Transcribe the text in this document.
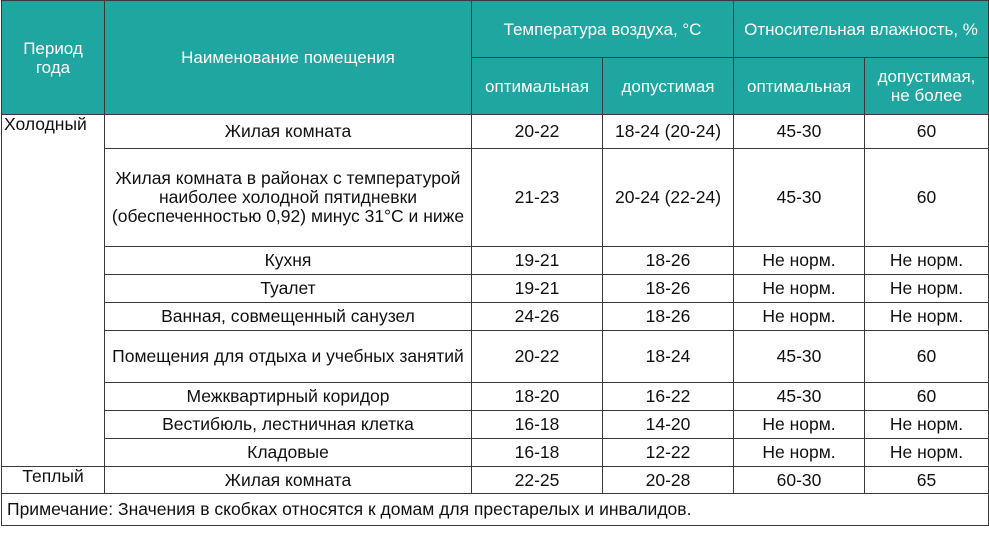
Период года	Наименование помещения	Температура воздуха, °С		Относительная влажность, %	
		оптимальная	допустимая	оптимальная	допустимая, не более
Холодный	Жилая комната	20-22	18-24 (20-24)	45-30	60
	Жилая комната в районах с температурой наиболее холодной пятидневки (обеспеченностью 0,92) минус 31°С и ниже	21-23	20-24 (22-24)	45-30	60
	Кухня	19-21	18-26	Не норм.	Не норм.
	Туалет	19-21	18-26	Не норм.	Не норм.
	Ванная, совмещенный санузел	24-26	18-26	Не норм.	Не норм.
	Помещения для отдыха и учебных занятий	20-22	18-24	45-30	60
	Межквартирный коридор	18-20	16-22	45-30	60
	Вестибюль, лестничная клетка	16-18	14-20	Не норм.	Не норм.
	Кладовые	16-18	12-22	Не норм.	Не норм.
Теплый	Жилая комната	22-25	20-28	60-30	65
Примечание: Значения в скобках относятся к домам для престарелых и инвалидов.					
